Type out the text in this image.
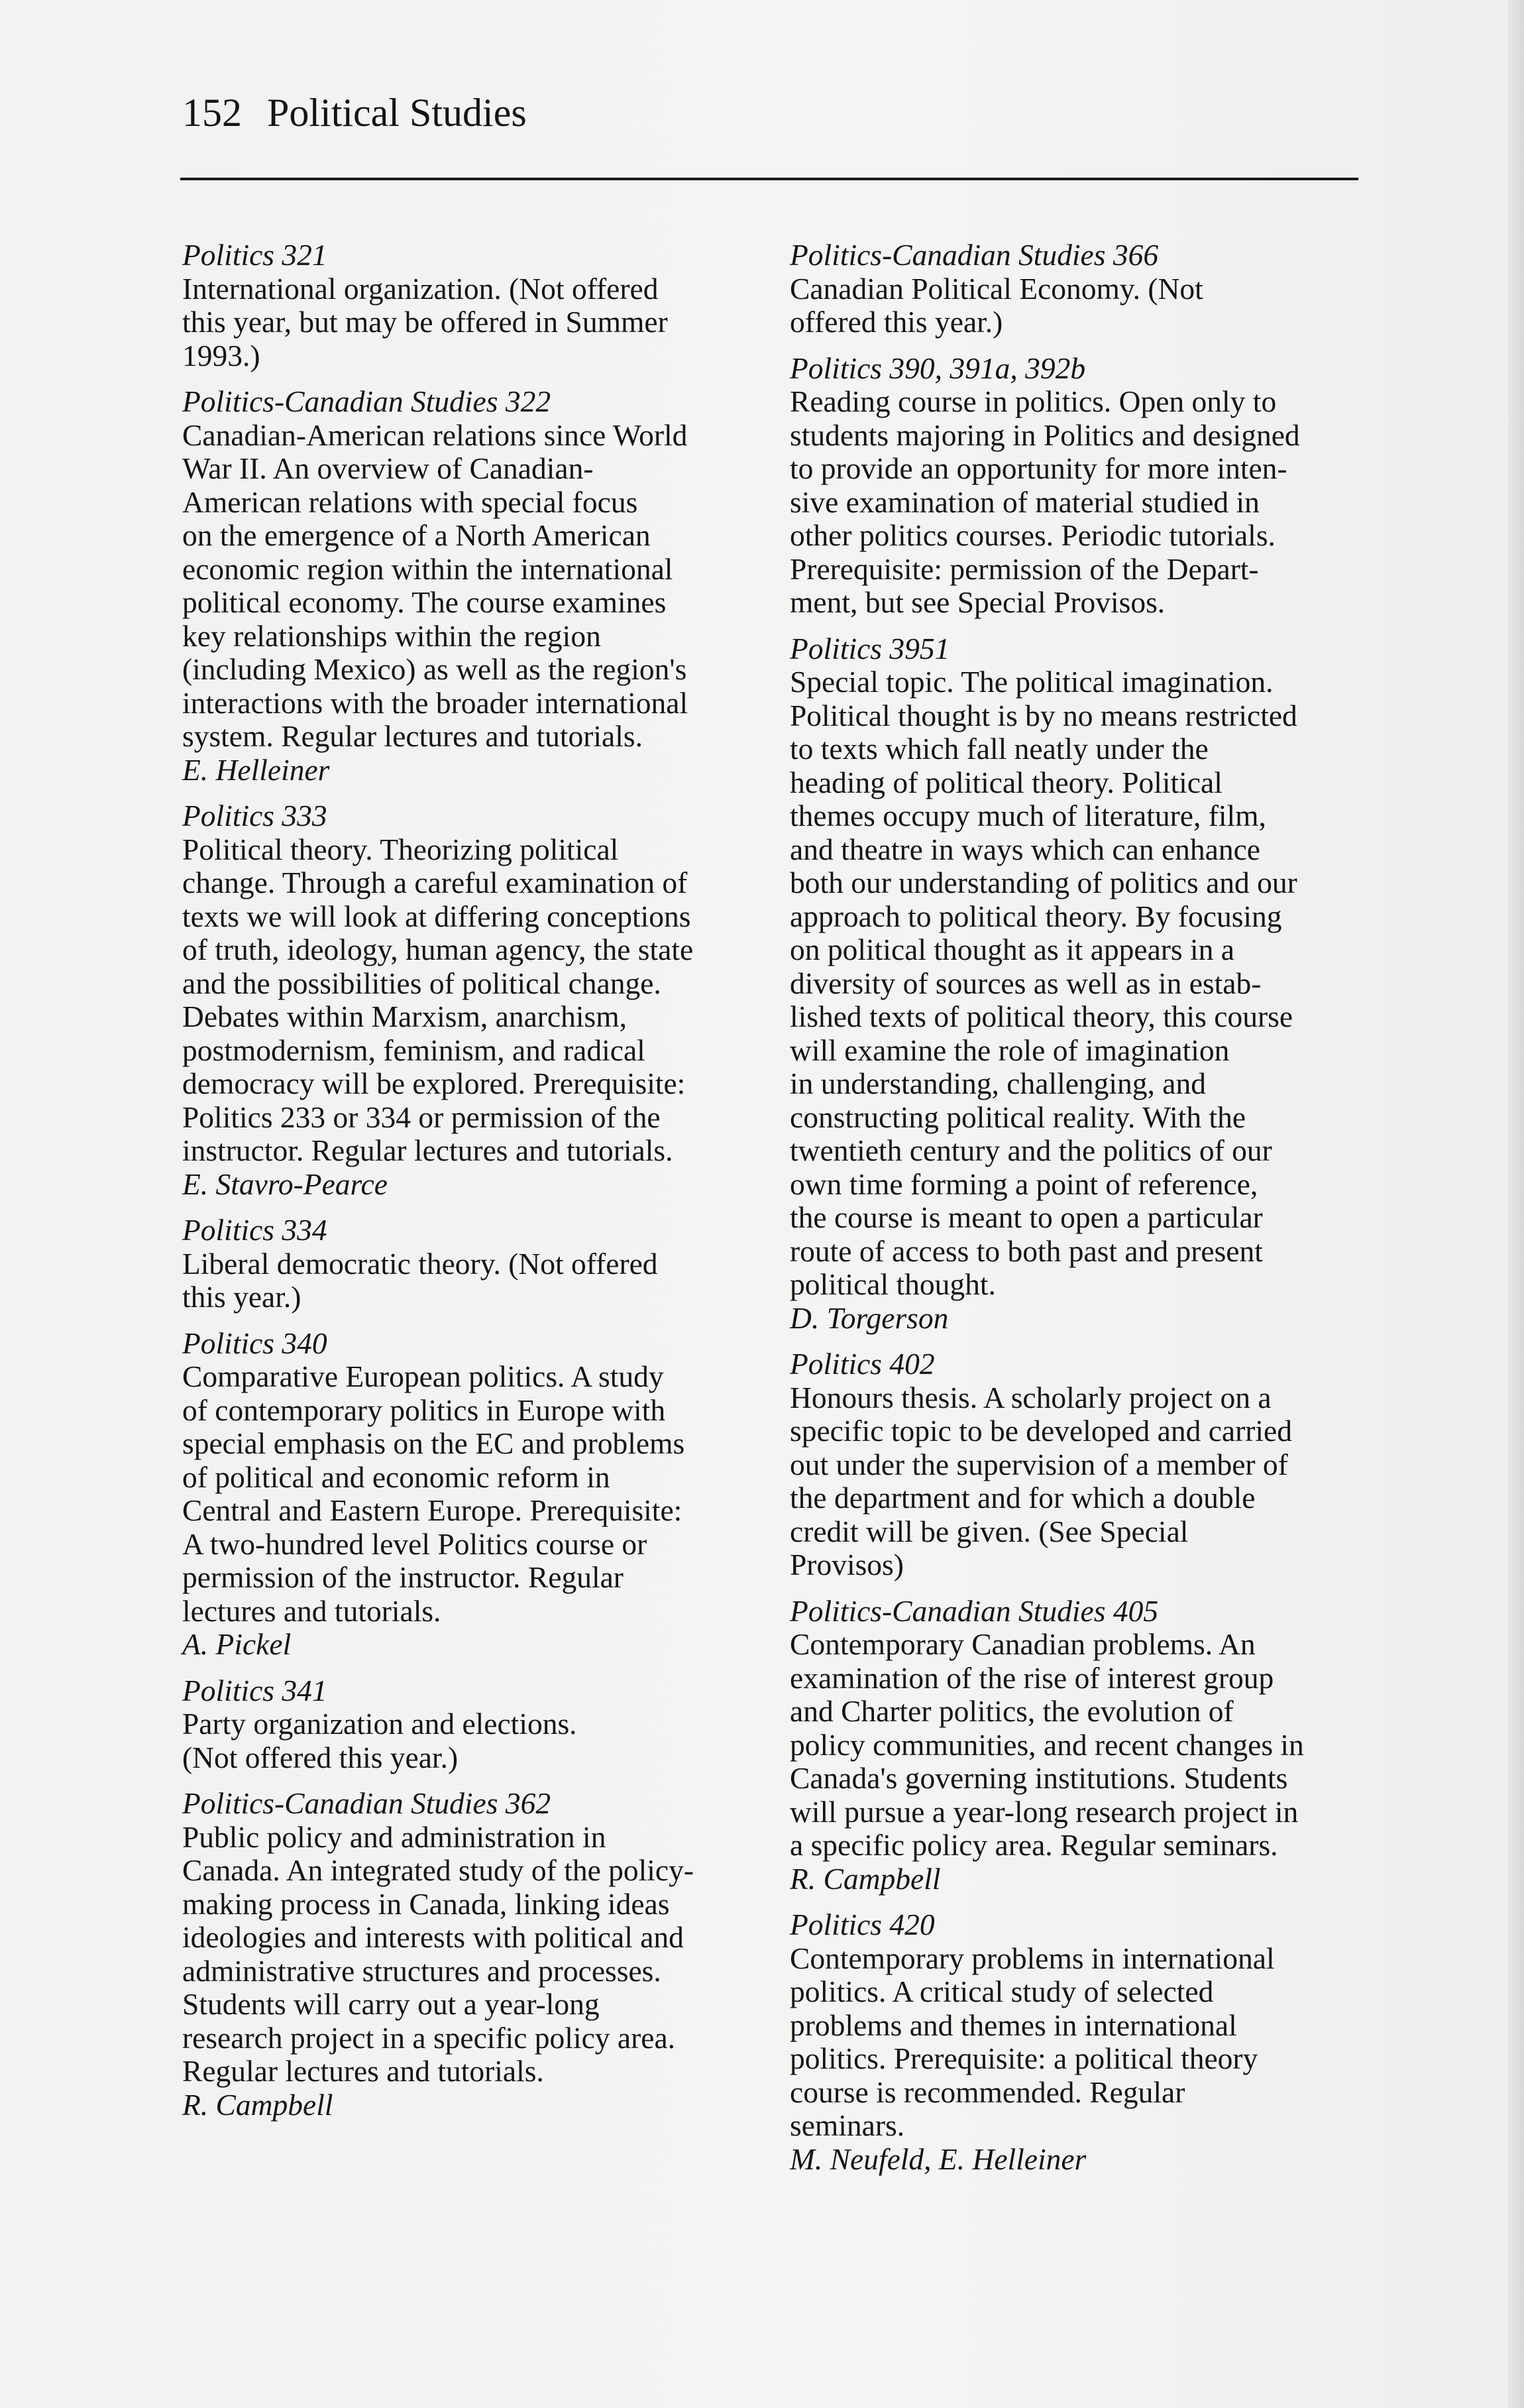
152 Political Studies
Politics 321
International organization. (Not offered
this year, but may be offered in Summer
1993.)
Politics-Canadian Studies 322
Canadian-American relations since World
War II. An overview of Canadian-
American relations with special focus
on the emergence of a North American
economic region within the international
political economy. The course examines
key relationships within the region
(including Mexico) as well as the region's
interactions with the broader international
system. Regular lectures and tutorials.
E. Helleiner
Politics 333
Political theory. Theorizing political
change. Through a careful examination of
texts we will look at differing conceptions
of truth, ideology, human agency, the state
and the possibilities of political change.
Debates within Marxism, anarchism,
postmodernism, feminism, and radical
democracy will be explored. Prerequisite:
Politics 233 or 334 or permission of the
instructor. Regular lectures and tutorials.
E. Stavro-Pearce
Politics 334
Liberal democratic theory. (Not offered
this year.)
Politics 340
Comparative European politics. A study
of contemporary politics in Europe with
special emphasis on the EC and problems
of political and economic reform in
Central and Eastern Europe. Prerequisite:
A two-hundred level Politics course or
permission of the instructor. Regular
lectures and tutorials.
A. Pickel
Politics 341
Party organization and elections.
(Not offered this year.)
Politics-Canadian Studies 362
Public policy and administration in
Canada. An integrated study of the policy-
making process in Canada, linking ideas
ideologies and interests with political and
administrative structures and processes.
Students will carry out a year-long
research project in a specific policy area.
Regular lectures and tutorials.
R. Campbell
Politics-Canadian Studies 366
Canadian Political Economy. (Not
offered this year.)
Politics 390, 391a, 392b
Reading course in politics. Open only to
students majoring in Politics and designed
to provide an opportunity for more inten-
sive examination of material studied in
other politics courses. Periodic tutorials.
Prerequisite: permission of the Depart-
ment, but see Special Provisos.
Politics 3951
Special topic. The political imagination.
Political thought is by no means restricted
to texts which fall neatly under the
heading of political theory. Political
themes occupy much of literature, film,
and theatre in ways which can enhance
both our understanding of politics and our
approach to political theory. By focusing
on political thought as it appears in a
diversity of sources as well as in estab-
lished texts of political theory, this course
will examine the role of imagination
in understanding, challenging, and
constructing political reality. With the
twentieth century and the politics of our
own time forming a point of reference,
the course is meant to open a particular
route of access to both past and present
political thought.
D. Torgerson
Politics 402
Honours thesis. A scholarly project on a
specific topic to be developed and carried
out under the supervision of a member of
the department and for which a double
credit will be given. (See Special
Provisos)
Politics-Canadian Studies 405
Contemporary Canadian problems. An
examination of the rise of interest group
and Charter politics, the evolution of
policy communities, and recent changes in
Canada's governing institutions. Students
will pursue a year-long research project in
a specific policy area. Regular seminars.
R. Campbell
Politics 420
Contemporary problems in international
politics. A critical study of selected
problems and themes in international
politics. Prerequisite: a political theory
course is recommended. Regular
seminars.
M. Neufeld, E. Helleiner
